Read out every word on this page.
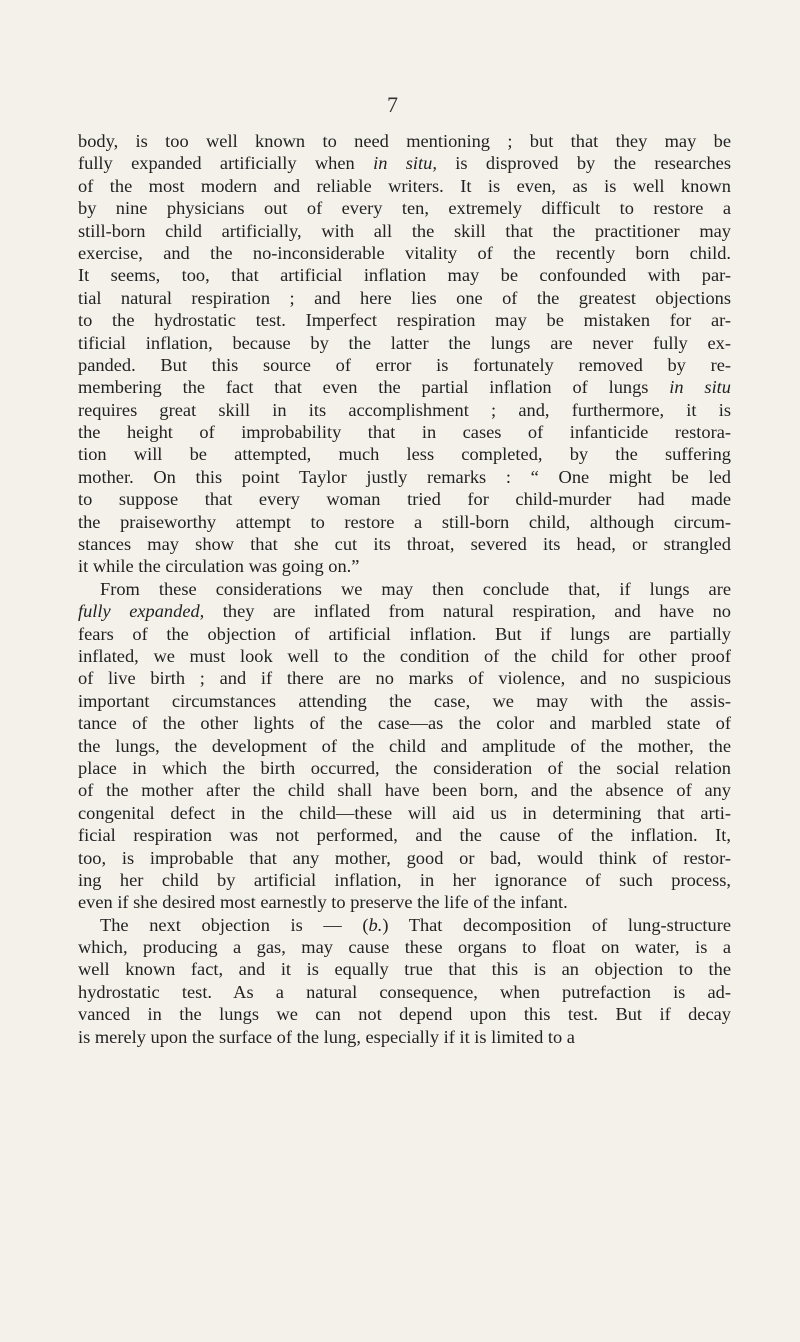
7
body, is too well known to need mentioning ; but that they may be
fully expanded artificially when in situ, is disproved by the researches
of the most modern and reliable writers. It is even, as is well known
by nine physicians out of every ten, extremely difficult to restore a
still-born child artificially, with all the skill that the practitioner may
exercise, and the no-inconsiderable vitality of the recently born child.
It seems, too, that artificial inflation may be confounded with par-
tial natural respiration ; and here lies one of the greatest objections
to the hydrostatic test. Imperfect respiration may be mistaken for ar-
tificial inflation, because by the latter the lungs are never fully ex-
panded. But this source of error is fortunately removed by re-
membering the fact that even the partial inflation of lungs in situ
requires great skill in its accomplishment ; and, furthermore, it is
the height of improbability that in cases of infanticide restora-
tion will be attempted, much less completed, by the suffering
mother. On this point Taylor justly remarks : “ One might be led
to suppose that every woman tried for child-murder had made
the praiseworthy attempt to restore a still-born child, although circum-
stances may show that she cut its throat, severed its head, or strangled
it while the circulation was going on.”
From these considerations we may then conclude that, if lungs are
fully expanded, they are inflated from natural respiration, and have no
fears of the objection of artificial inflation. But if lungs are partially
inflated, we must look well to the condition of the child for other proof
of live birth ; and if there are no marks of violence, and no suspicious
important circumstances attending the case, we may with the assis-
tance of the other lights of the case—as the color and marbled state of
the lungs, the development of the child and amplitude of the mother, the
place in which the birth occurred, the consideration of the social relation
of the mother after the child shall have been born, and the absence of any
congenital defect in the child—these will aid us in determining that arti-
ficial respiration was not performed, and the cause of the inflation. It,
too, is improbable that any mother, good or bad, would think of restor-
ing her child by artificial inflation, in her ignorance of such process,
even if she desired most earnestly to preserve the life of the infant.
The next objection is — (b.) That decomposition of lung-structure
which, producing a gas, may cause these organs to float on water, is a
well known fact, and it is equally true that this is an objection to the
hydrostatic test. As a natural consequence, when putrefaction is ad-
vanced in the lungs we can not depend upon this test. But if decay
is merely upon the surface of the lung, especially if it is limited to a
